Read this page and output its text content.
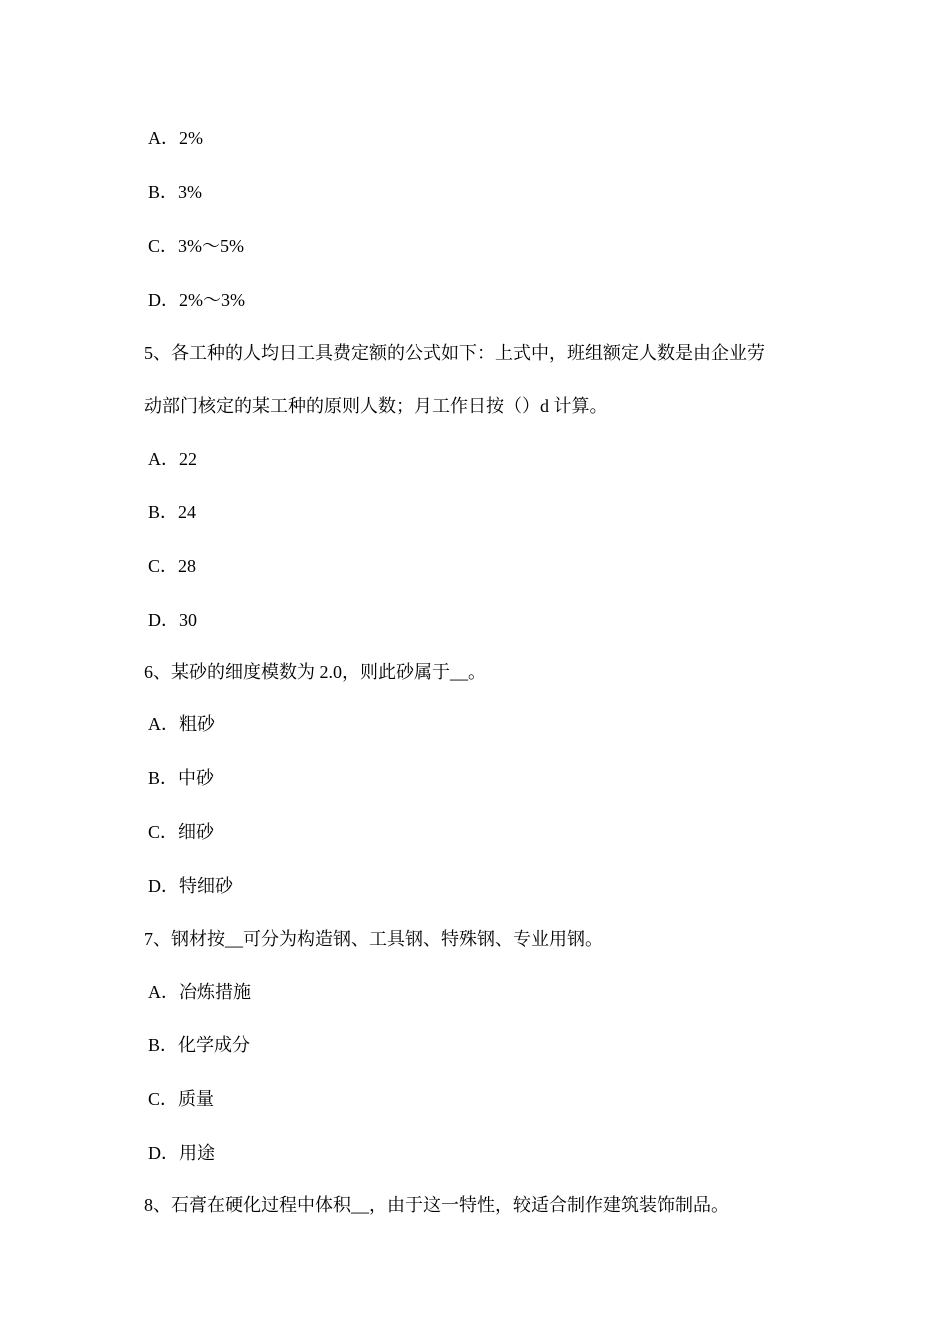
A．2%
B．3%
C．3%～5%
D．2%～3%
5、各工种的人均日工具费定额的公式如下：上式中，班组额定人数是由企业劳
动部门核定的某工种的原则人数；月工作日按（）d 计算。
A．22
B．24
C．28
D．30
6、某砂的细度模数为 2.0，则此砂属于__。
A．粗砂
B．中砂
C．细砂
D．特细砂
7、钢材按__可分为构造钢、工具钢、特殊钢、专业用钢。
A．冶炼措施
B．化学成分
C．质量
D．用途
8、石膏在硬化过程中体积__，由于这一特性，较适合制作建筑装饰制品。
